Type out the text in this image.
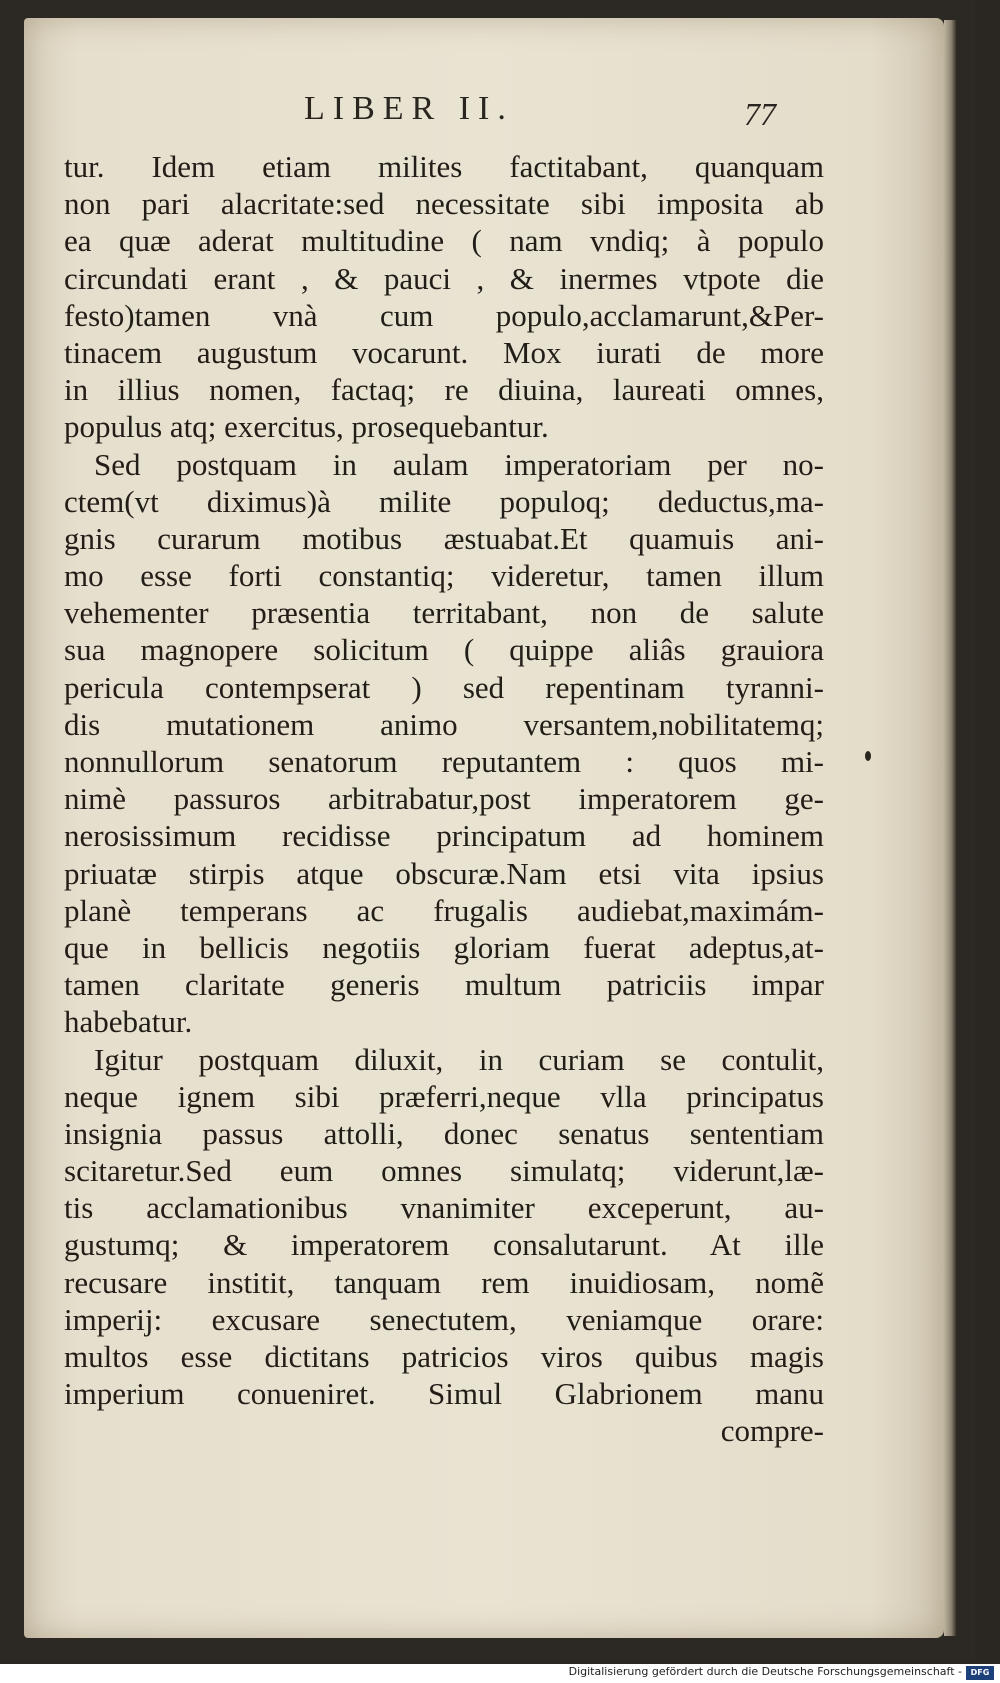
LIBER II.	77
tur. Idem etiam milites factitabant, quanquam
non pari alacritate:sed necessitate sibi imposita ab
ea quæ aderat multitudine ( nam vndiq; à populo
circundati erant , & pauci , & inermes vtpote die
festo)tamen vnà cum populo,acclamarunt,&Per-
tinacem augustum vocarunt. Mox iurati de more
in illius nomen, factaq; re diuina, laureati omnes,
populus atq; exercitus, prosequebantur.
Sed postquam in aulam imperatoriam per no-
ctem(vt diximus)à milite populoq; deductus,ma-
gnis curarum motibus æstuabat.Et quamuis ani-
mo esse forti constantiq; videretur, tamen illum
vehementer præsentia territabant, non de salute
sua magnopere solicitum ( quippe aliâs grauiora
pericula contempserat ) sed repentinam tyranni-
dis mutationem animo versantem,nobilitatemq;
nonnullorum senatorum reputantem : quos mi-
nimè passuros arbitrabatur,post imperatorem ge-
nerosissimum recidisse principatum ad hominem
priuatæ stirpis atque obscuræ.Nam etsi vita ipsius
planè temperans ac frugalis audiebat,maximám-
que in bellicis negotiis gloriam fuerat adeptus,at-
tamen claritate generis multum patriciis impar
habebatur.
Igitur postquam diluxit, in curiam se contulit,
neque ignem sibi præferri,neque vlla principatus
insignia passus attolli, donec senatus sententiam
scitaretur.Sed eum omnes simulatq; viderunt,læ-
tis acclamationibus vnanimiter exceperunt, au-
gustumq; & imperatorem consalutarunt. At ille
recusare institit, tanquam rem inuidiosam, nomẽ
imperij: excusare senectutem, veniamque orare:
multos esse dictitans patricios viros quibus magis
imperium conueniret. Simul Glabrionem manu
compre-
Digitalisierung gefördert durch die Deutsche Forschungsgemeinschaft -	DFG
